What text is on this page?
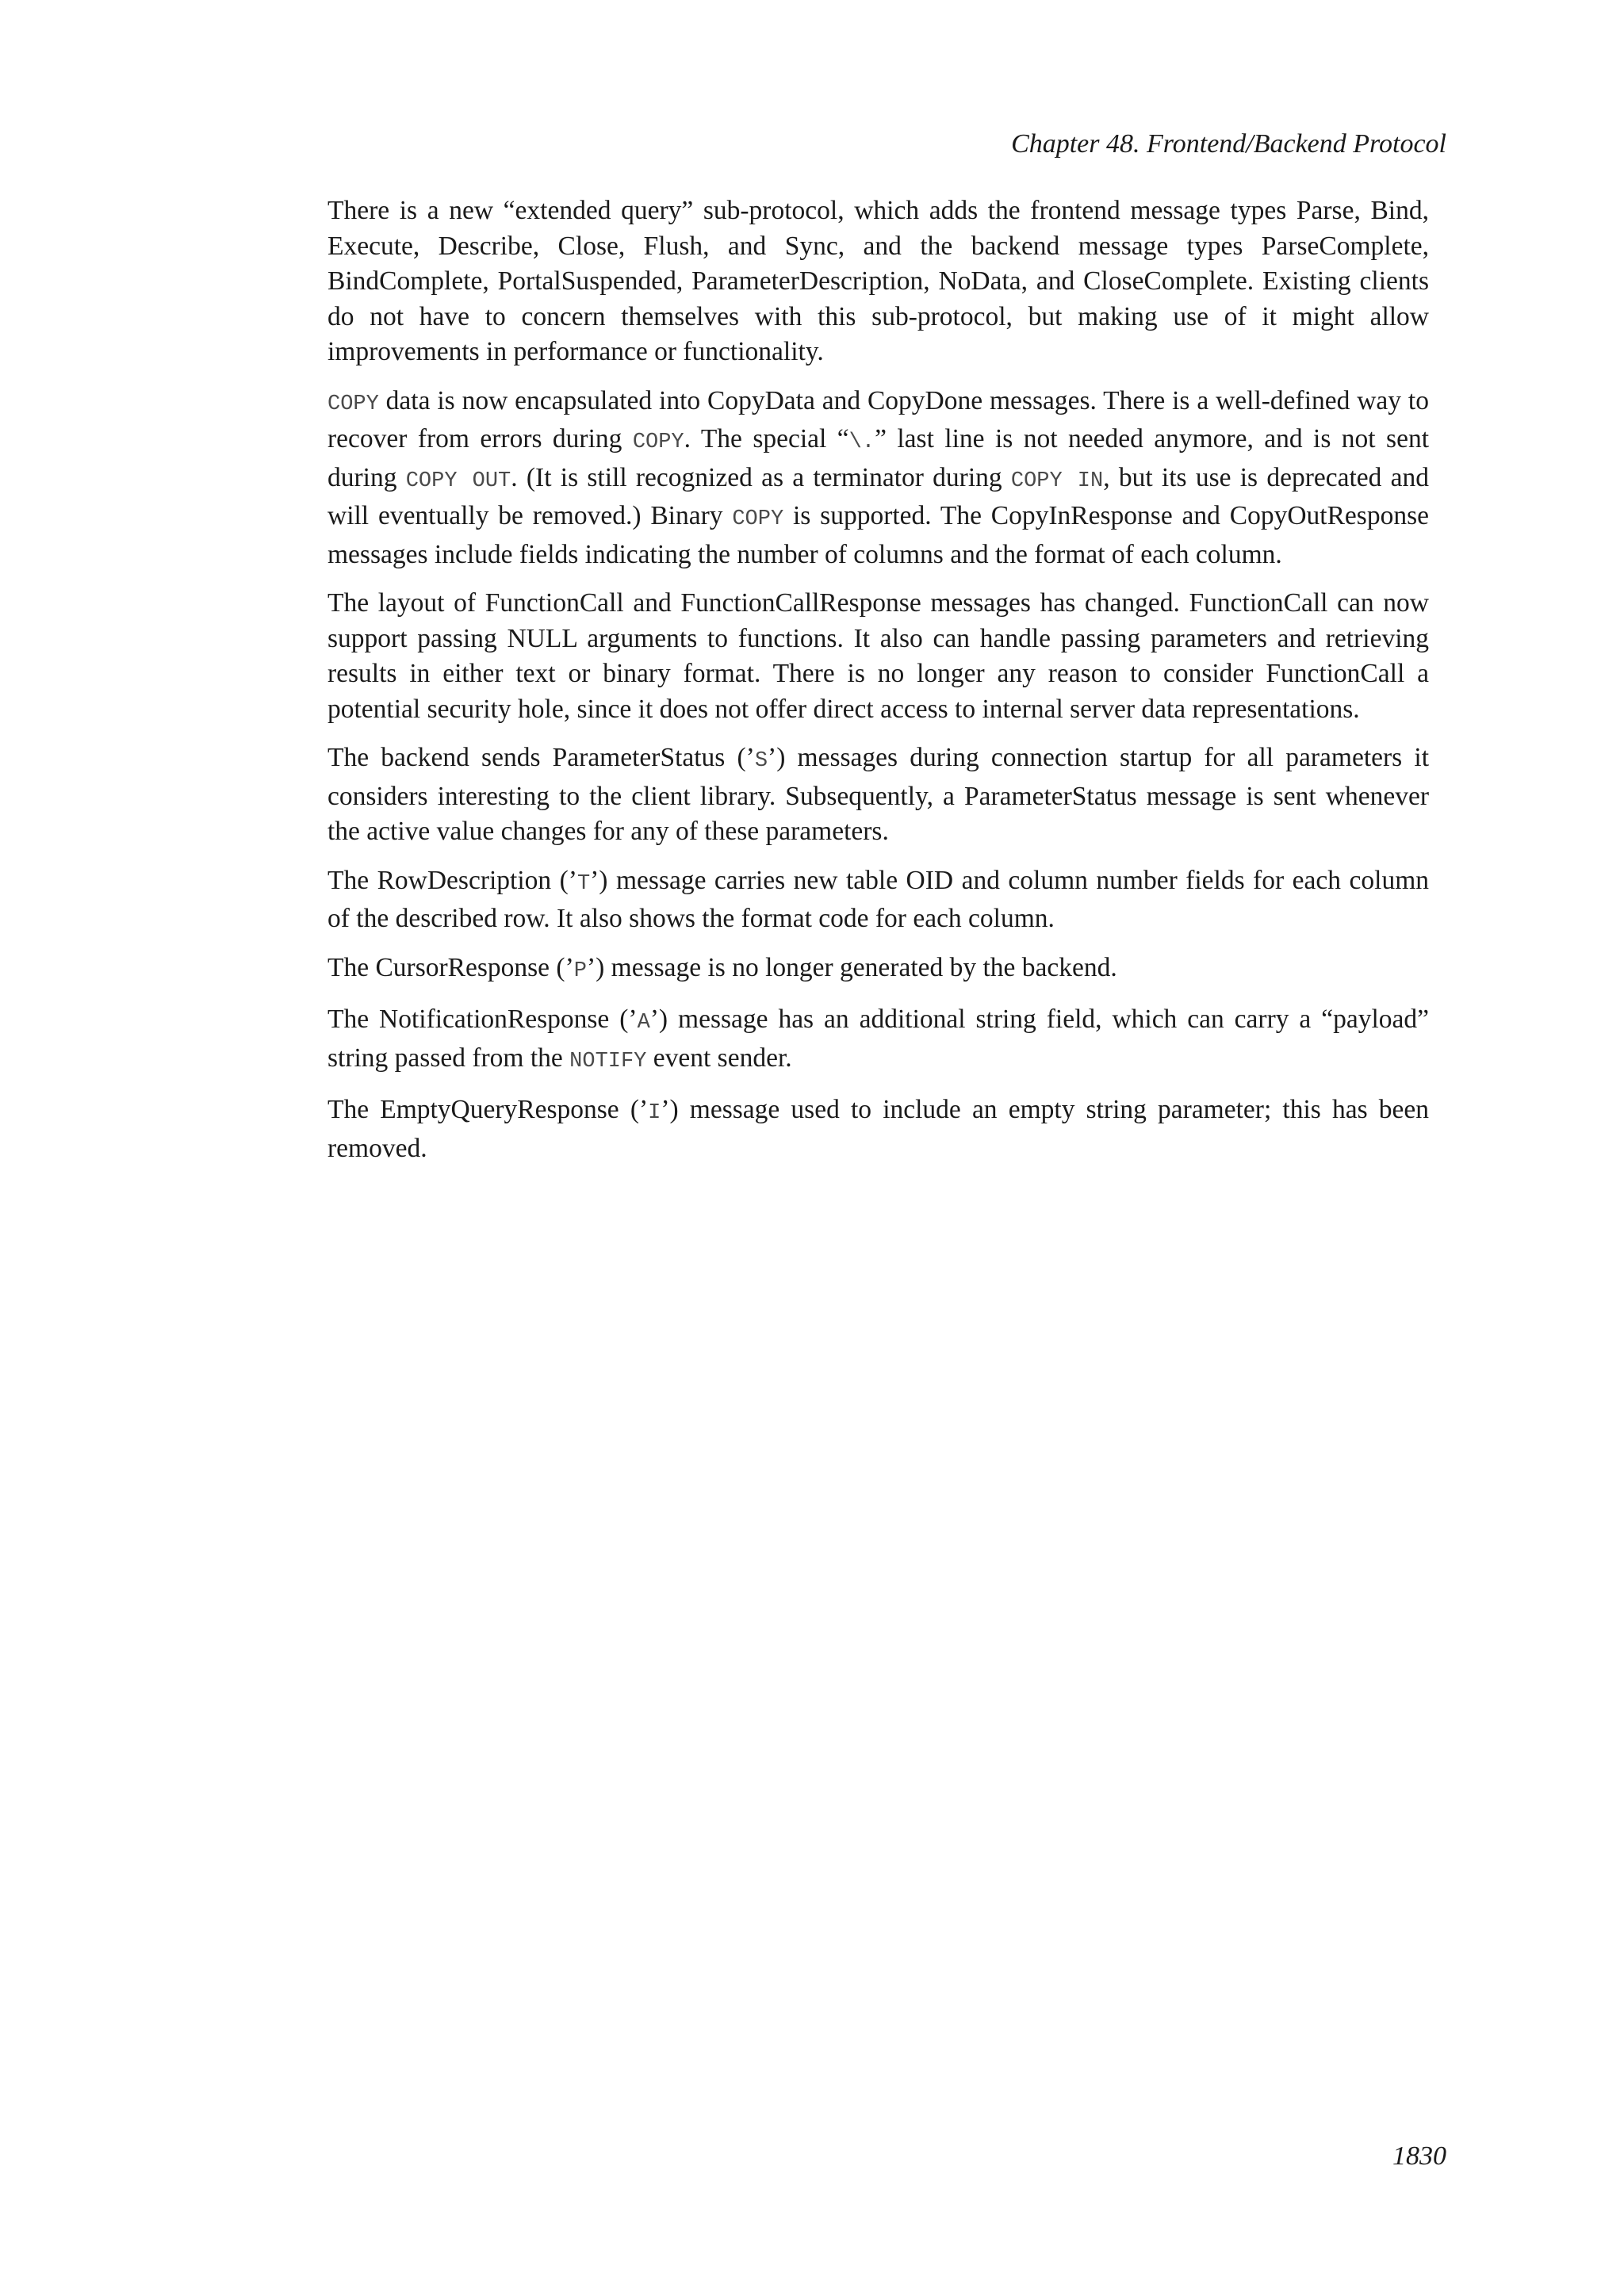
Chapter 48. Frontend/Backend Protocol

There is a new “extended query” sub-protocol, which adds the frontend message types Parse, Bind, Execute, Describe, Close, Flush, and Sync, and the backend message types ParseComplete, BindComplete, PortalSuspended, ParameterDescription, NoData, and CloseComplete. Existing clients do not have to concern themselves with this sub-protocol, but making use of it might allow improvements in performance or functionality.

COPY data is now encapsulated into CopyData and CopyDone messages. There is a well-defined way to recover from errors during COPY. The special “\.” last line is not needed anymore, and is not sent during COPY OUT. (It is still recognized as a terminator during COPY IN, but its use is deprecated and will eventually be removed.) Binary COPY is supported. The CopyInResponse and CopyOutResponse messages include fields indicating the number of columns and the format of each column.

The layout of FunctionCall and FunctionCallResponse messages has changed. FunctionCall can now support passing NULL arguments to functions. It also can handle passing parameters and retrieving results in either text or binary format. There is no longer any reason to consider FunctionCall a potential security hole, since it does not offer direct access to internal server data representations.

The backend sends ParameterStatus (’S’) messages during connection startup for all parameters it considers interesting to the client library. Subsequently, a ParameterStatus message is sent whenever the active value changes for any of these parameters.

The RowDescription (’T’) message carries new table OID and column number fields for each column of the described row. It also shows the format code for each column.

The CursorResponse (’P’) message is no longer generated by the backend.

The NotificationResponse (’A’) message has an additional string field, which can carry a “payload” string passed from the NOTIFY event sender.

The EmptyQueryResponse (’I’) message used to include an empty string parameter; this has been removed.

1830
